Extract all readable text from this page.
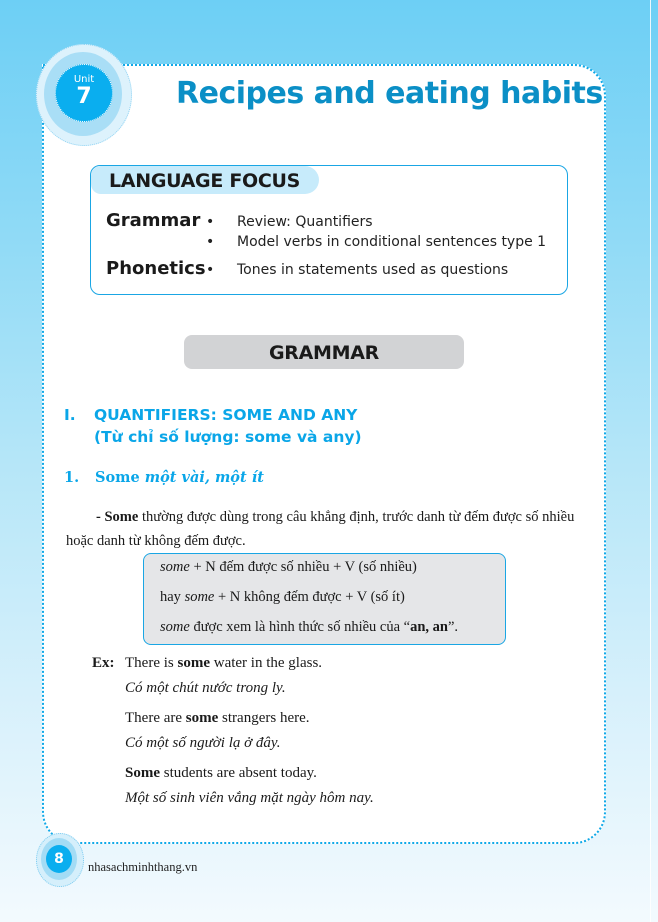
Unit
7	Recipes and eating habits
LANGUAGE FOCUS
Grammar • Review: Quantifiers
• Model verbs in conditional sentences type 1
Phonetics • Tones in statements used as questions
GRAMMAR
I. QUANTIFIERS: SOME AND ANY
(Từ chỉ số lượng: some và any)
1. Some một vài, một ít
- Some thường được dùng trong câu khẳng định, trước danh từ đếm được số nhiều hoặc danh từ không đếm được.
some + N đếm được số nhiều + V (số nhiều)
hay some + N không đếm được + V (số ít)
some được xem là hình thức số nhiều của “an, an”.
Ex: There is some water in the glass.
Có một chút nước trong ly.
There are some strangers here.
Có một số người lạ ở đây.
Some students are absent today.
Một số sinh viên vắng mặt ngày hôm nay.
8	nhasachminhthang.vn
